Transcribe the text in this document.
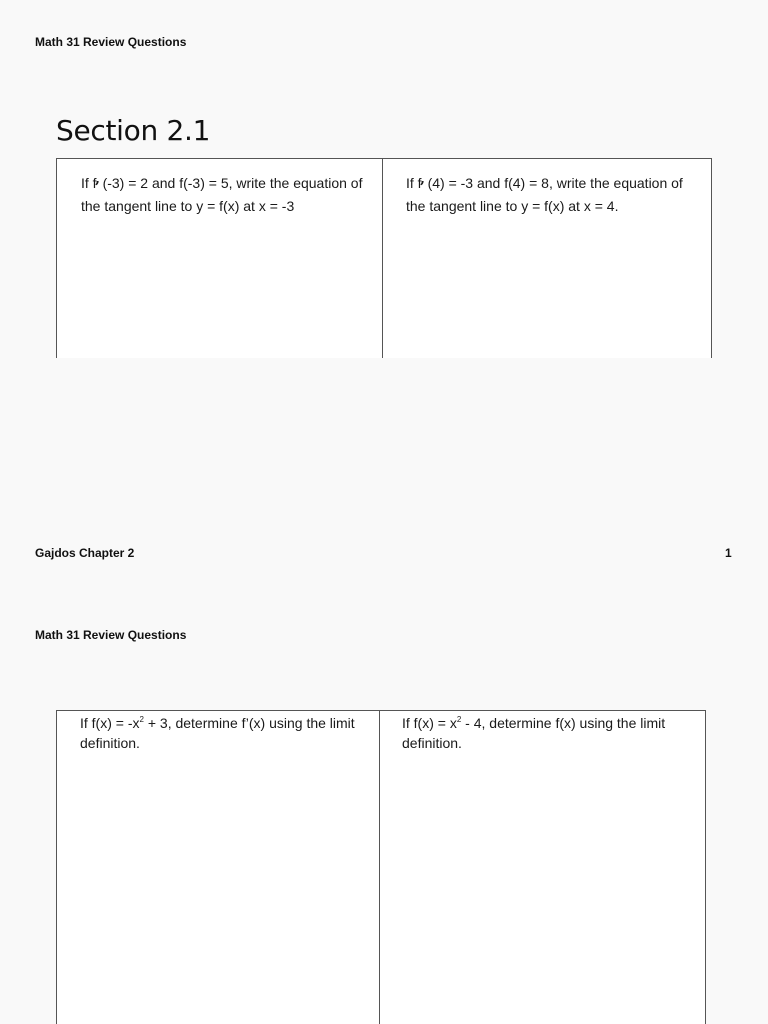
Math 31 Review Questions
Section 2.1
If f
’ (-3) = 2 and f(-3) = 5, write the equation of
the tangent line to y = f(x) at x = -3
If f
’ (4) = -3 and f(4) = 8, write the equation of
the tangent line to y = f(x) at x = 4.
Gajdos Chapter 2	1
Math 31 Review Questions
If $f(x) = -x^2 + 3$, determine f’(x) using the limit
definition.
If $f(x) = x^2 - 4$, determine f(x) using the limit
definition.
